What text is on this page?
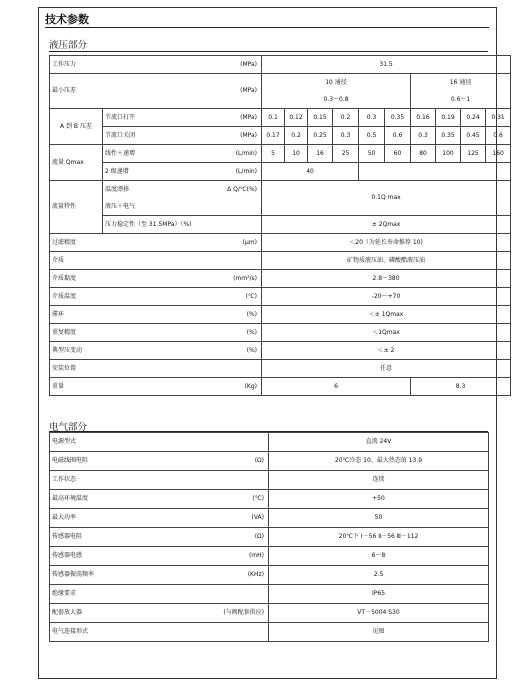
技术参数
液压部分
工作压力		(MPa)	31.5									
最小压差		(MPa)	10 通径						16 通径			
			0.3～0.8						0.6～1			
A 到 B 压差	节流口打开	(MPa)	0.1	0.12	0.15	0.2	0.3	0.35	0.16	0.19	0.24	0.31
	节流口关闭	(MPa)	0.17	0.2	0.25	0.3	0.5	0.6	0.3	0.35	0.45	0.6
流量 Qmax	线性＋递增	(L/min)	5	10	16	25	50	60	80	100	125	160
	2 级递增	(L/min)	40									
流量特性	温度漂移	Δ Q/℃(%)	0.1Q max									
	液压＋电气											
	压力稳定性（至 31.5MPa）（%)		± 2Qmax									
过滤精度		(μm)	＜20（为延长寿命推荐 10)									
介质			矿物质液压油、磷酸酯液压油									
介质黏度		(mm²/s)	2.8～380									
介质温度		(℃)	-20～+70									
滞环		(%)	＜± 1Qmax									
重复精度		(%)	＜1Qmax									
典型压变动		(%)	＜± 2									
安装位置			任意									
重量		(Kg)	6						8.3			
电气部分
电源型式		直流 24V
电磁线圈电阻	(Ω)	20℃冷态 10、最大热态值 13.9
工作状态		连续
最高环境温度	(℃)	+50
最大功率	(VA)	50
传感器电阻	(Ω)	20℃下 Ⅰ－56 Ⅱ－56 Ⅲ－112
传感器电感	(mH)	6～8
传感器振荡频率	(KHz)	2.5
绝缘要求		IP65
配套放大器	(与阀配套供应)	VT－5004 S30
电气连接形式		见图
